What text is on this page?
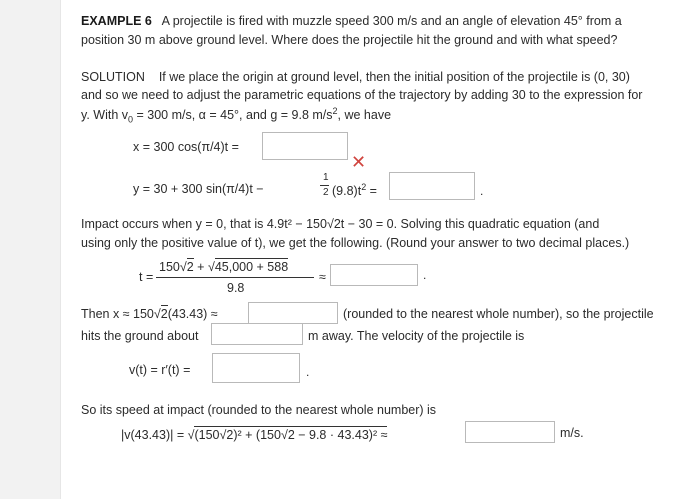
EXAMPLE 6 A projectile is fired with muzzle speed 300 m/s and an angle of elevation 45° from a
position 30 m above ground level. Where does the projectile hit the ground and with what speed?
SOLUTION If we place the origin at ground level, then the initial position of the projectile is (0, 30)
and so we need to adjust the parametric equations of the trajectory by adding 30 to the expression for
y. With $v_0 = 300$ m/s, α = 45°, and g = 9.8 $m/s^2$, we have
x = 300 cos(π/4)t =
✕
y = 30 + 300 sin(π/4)t −
1
2 $(9.8)t^2$ =	.
Impact occurs when y = 0, that is 4.9t² − 150√2t − 30 = 0. Solving this quadratic equation (and
using only the positive value of t), we get the following. (Round your answer to two decimal places.)
t =
150√2 + √45,000 + 588
9.8
≈	.
Then x ≈ 150√2(43.43) ≈	(rounded to the nearest whole number), so the projectile
hits the ground about	m away. The velocity of the projectile is
v(t) = r′(t) =	.
So its speed at impact (rounded to the nearest whole number) is
|v(43.43)| = √(150√2)² + (150√2 − 9.8 · 43.43)² ≈	m/s.
